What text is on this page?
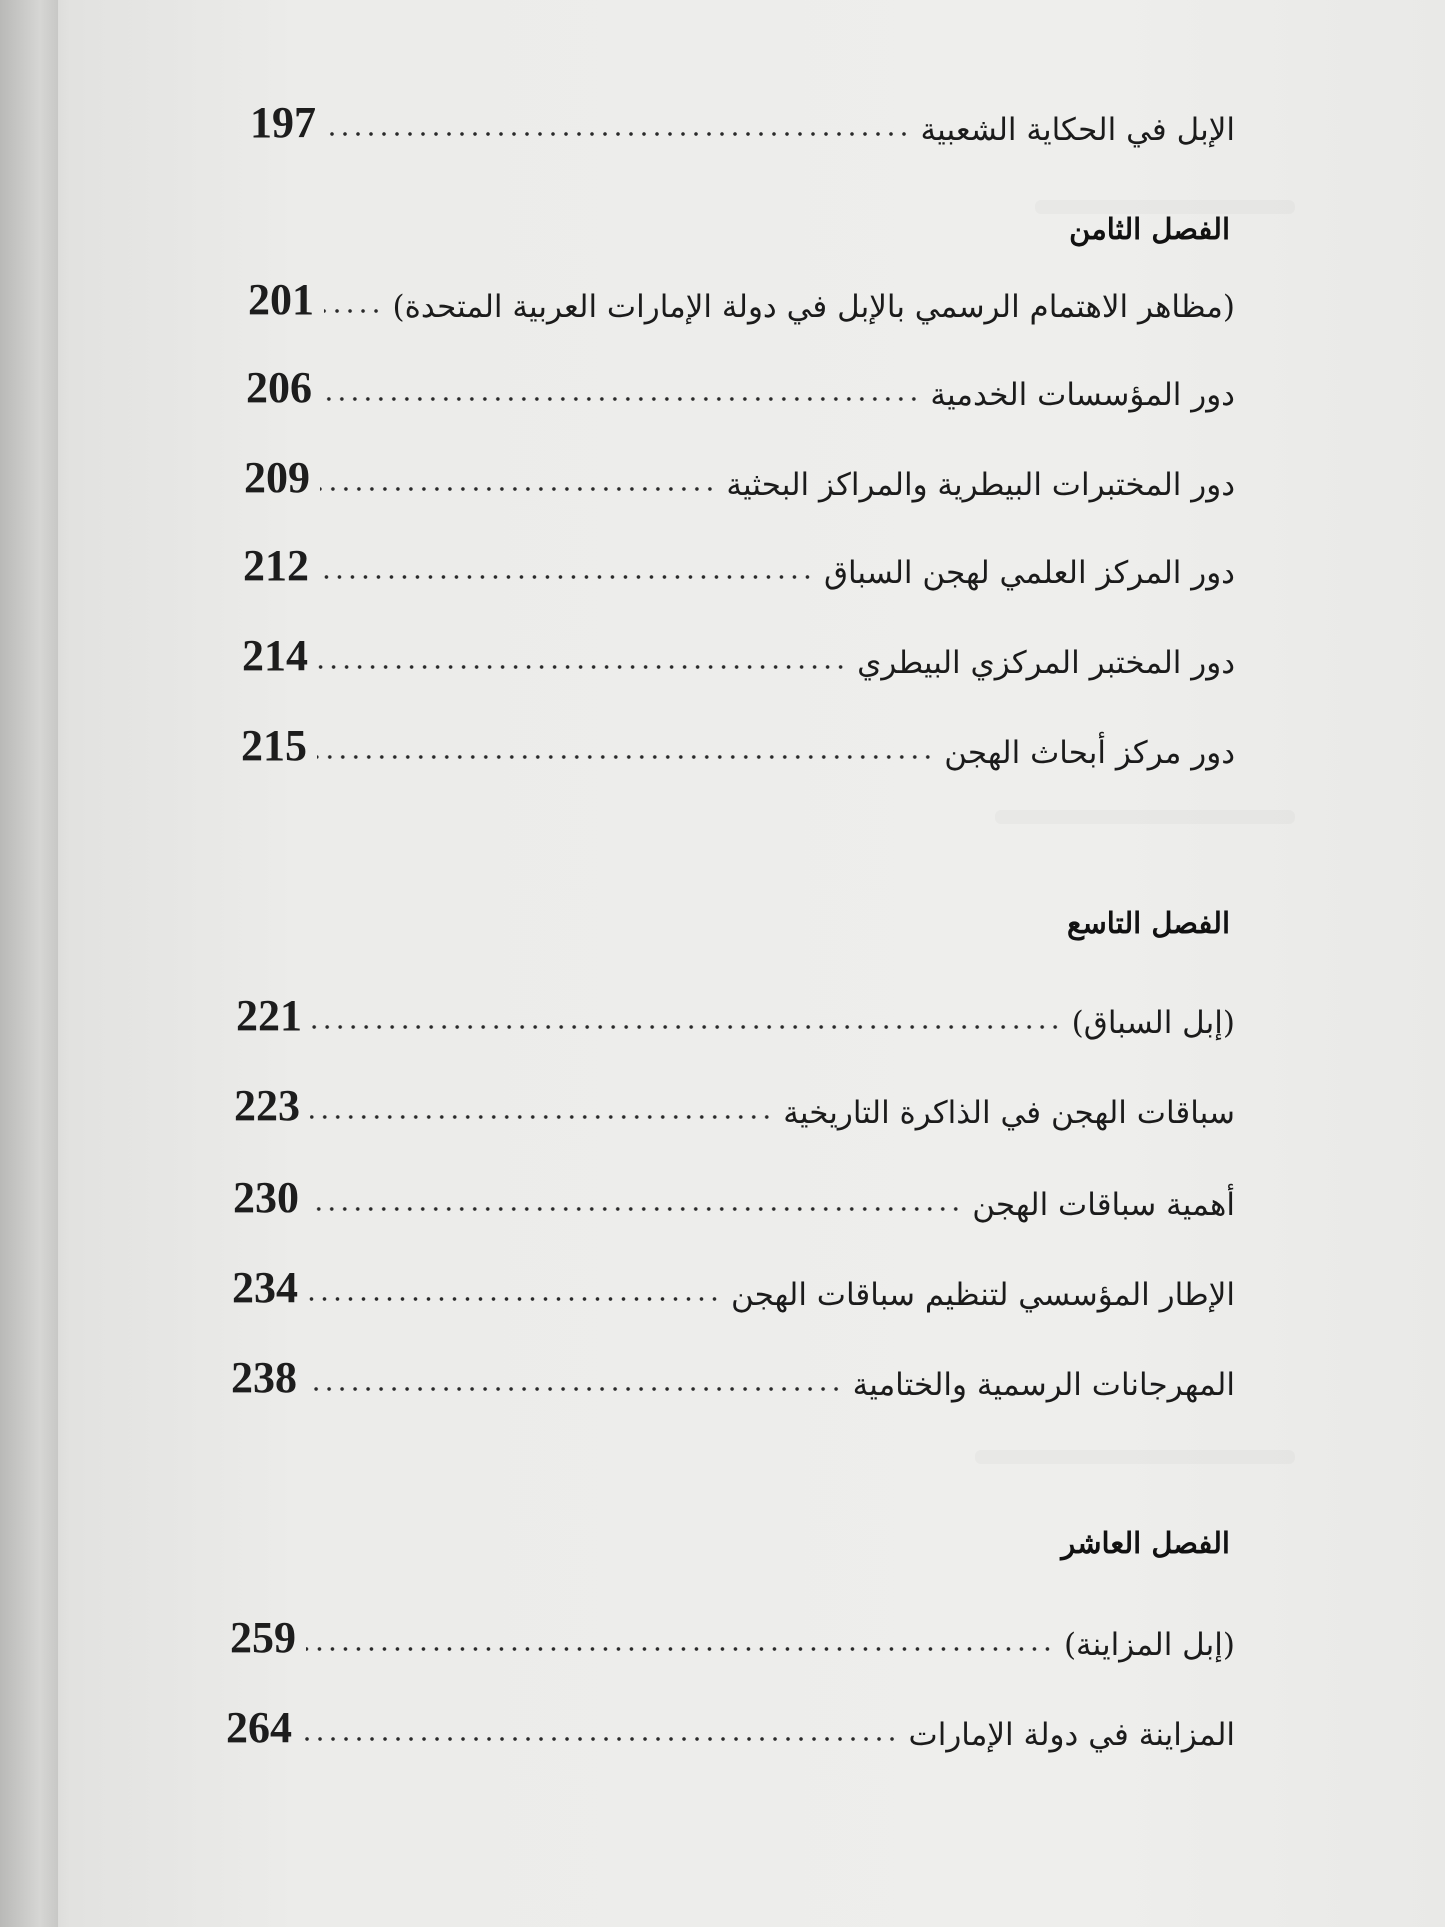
الإبل في الحكاية الشعبية
197
الفصل الثامن
(مظاهر الاهتمام الرسمي بالإبل في دولة الإمارات العربية المتحدة)
201
دور المؤسسات الخدمية
206
دور المختبرات البيطرية والمراكز البحثية
209
دور المركز العلمي لهجن السباق
212
دور المختبر المركزي البيطري
214
دور مركز أبحاث الهجن
215
الفصل التاسع
(إبل السباق)
221
سباقات الهجن في الذاكرة التاريخية
223
أهمية سباقات الهجن
230
الإطار المؤسسي لتنظيم سباقات الهجن
234
المهرجانات الرسمية والختامية
238
الفصل العاشر
(إبل المزاينة)
259
المزاينة في دولة الإمارات
264
